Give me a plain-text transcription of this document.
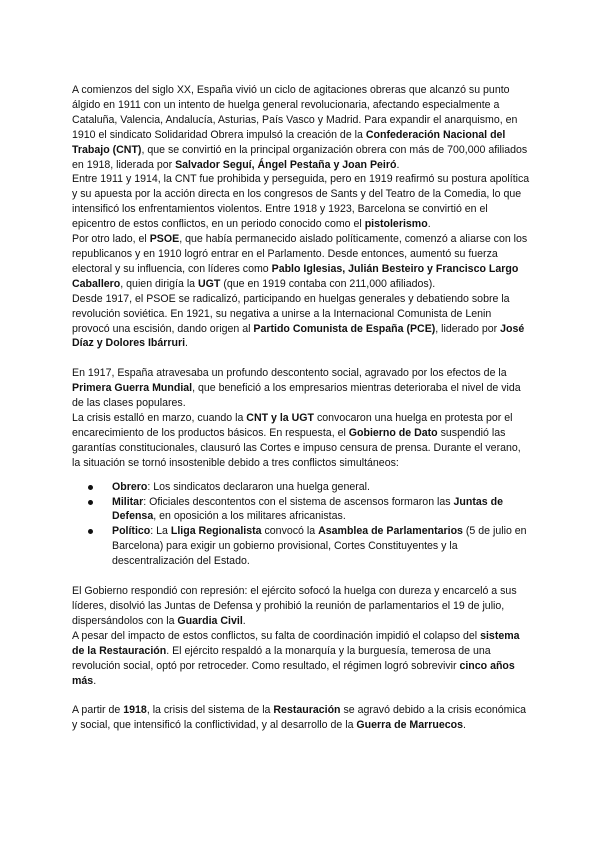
A comienzos del siglo XX, España vivió un ciclo de agitaciones obreras que alcanzó su punto álgido en 1911 con un intento de huelga general revolucionaria, afectando especialmente a Cataluña, Valencia, Andalucía, Asturias, País Vasco y Madrid. Para expandir el anarquismo, en 1910 el sindicato Solidaridad Obrera impulsó la creación de la Confederación Nacional del Trabajo (CNT), que se convirtió en la principal organización obrera con más de 700,000 afiliados en 1918, liderada por Salvador Seguí, Ángel Pestaña y Joan Peiró.

Entre 1911 y 1914, la CNT fue prohibida y perseguida, pero en 1919 reafirmó su postura apolítica y su apuesta por la acción directa en los congresos de Sants y del Teatro de la Comedia, lo que intensificó los enfrentamientos violentos. Entre 1918 y 1923, Barcelona se convirtió en el epicentro de estos conflictos, en un periodo conocido como el pistolerismo.

Por otro lado, el PSOE, que había permanecido aislado políticamente, comenzó a aliarse con los republicanos y en 1910 logró entrar en el Parlamento. Desde entonces, aumentó su fuerza electoral y su influencia, con líderes como Pablo Iglesias, Julián Besteiro y Francisco Largo Caballero, quien dirigía la UGT (que en 1919 contaba con 211,000 afiliados).

Desde 1917, el PSOE se radicalizó, participando en huelgas generales y debatiendo sobre la revolución soviética. En 1921, su negativa a unirse a la Internacional Comunista de Lenin provocó una escisión, dando origen al Partido Comunista de España (PCE), liderado por José Díaz y Dolores Ibárruri.

En 1917, España atravesaba un profundo descontento social, agravado por los efectos de la Primera Guerra Mundial, que benefició a los empresarios mientras deterioraba el nivel de vida de las clases populares.

La crisis estalló en marzo, cuando la CNT y la UGT convocaron una huelga en protesta por el encarecimiento de los productos básicos. En respuesta, el Gobierno de Dato suspendió las garantías constitucionales, clausuró las Cortes e impuso censura de prensa. Durante el verano, la situación se tornó insostenible debido a tres conflictos simultáneos:

Obrero: Los sindicatos declararon una huelga general.
Militar: Oficiales descontentos con el sistema de ascensos formaron las Juntas de Defensa, en oposición a los militares africanistas.
Político: La Lliga Regionalista convocó la Asamblea de Parlamentarios (5 de julio en Barcelona) para exigir un gobierno provisional, Cortes Constituyentes y la descentralización del Estado.

El Gobierno respondió con represión: el ejército sofocó la huelga con dureza y encarceló a sus líderes, disolvió las Juntas de Defensa y prohibió la reunión de parlamentarios el 19 de julio, dispersándolos con la Guardia Civil.

A pesar del impacto de estos conflictos, su falta de coordinación impidió el colapso del sistema de la Restauración. El ejército respaldó a la monarquía y la burguesía, temerosa de una revolución social, optó por retroceder. Como resultado, el régimen logró sobrevivir cinco años más.

A partir de 1918, la crisis del sistema de la Restauración se agravó debido a la crisis económica y social, que intensificó la conflictividad, y al desarrollo de la Guerra de Marruecos.
